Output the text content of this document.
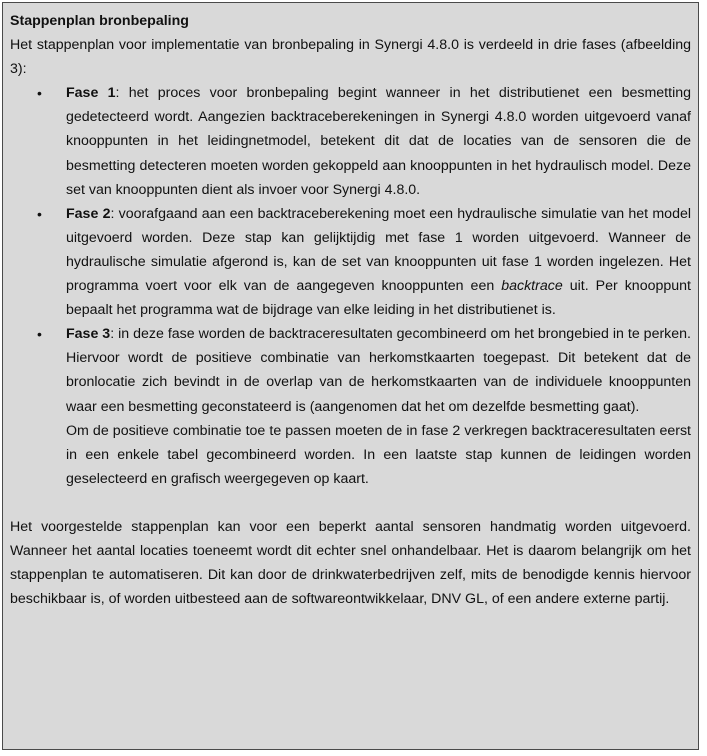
Stappenplan bronbepaling

Het stappenplan voor implementatie van bronbepaling in Synergi 4.8.0 is verdeeld in drie fases (afbeelding 3):

• Fase 1: het proces voor bronbepaling begint wanneer in het distributienet een besmetting gedetecteerd wordt. Aangezien backtraceberekeningen in Synergi 4.8.0 worden uitgevoerd vanaf knooppunten in het leidingnetmodel, betekent dit dat de locaties van de sensoren die de besmetting detecteren moeten worden gekoppeld aan knooppunten in het hydraulisch model. Deze set van knooppunten dient als invoer voor Synergi 4.8.0.
• Fase 2: voorafgaand aan een backtraceberekening moet een hydraulische simulatie van het model uitgevoerd worden. Deze stap kan gelijktijdig met fase 1 worden uitgevoerd. Wanneer de hydraulische simulatie afgerond is, kan de set van knooppunten uit fase 1 worden ingelezen. Het programma voert voor elk van de aangegeven knooppunten een backtrace uit. Per knooppunt bepaalt het programma wat de bijdrage van elke leiding in het distributienet is.
• Fase 3: in deze fase worden de backtraceresultaten gecombineerd om het brongebied in te perken. Hiervoor wordt de positieve combinatie van herkomstkaarten toegepast. Dit betekent dat de bronlocatie zich bevindt in de overlap van de herkomstkaarten van de individuele knooppunten waar een besmetting geconstateerd is (aangenomen dat het om dezelfde besmetting gaat).

Om de positieve combinatie toe te passen moeten de in fase 2 verkregen backtraceresultaten eerst in een enkele tabel gecombineerd worden. In een laatste stap kunnen de leidingen worden geselecteerd en grafisch weergegeven op kaart.

Het voorgestelde stappenplan kan voor een beperkt aantal sensoren handmatig worden uitgevoerd. Wanneer het aantal locaties toeneemt wordt dit echter snel onhandelbaar. Het is daarom belangrijk om het stappenplan te automatiseren. Dit kan door de drinkwaterbedrijven zelf, mits de benodigde kennis hiervoor beschikbaar is, of worden uitbesteed aan de softwareontwikkelaar, DNV GL, of een andere externe partij.
